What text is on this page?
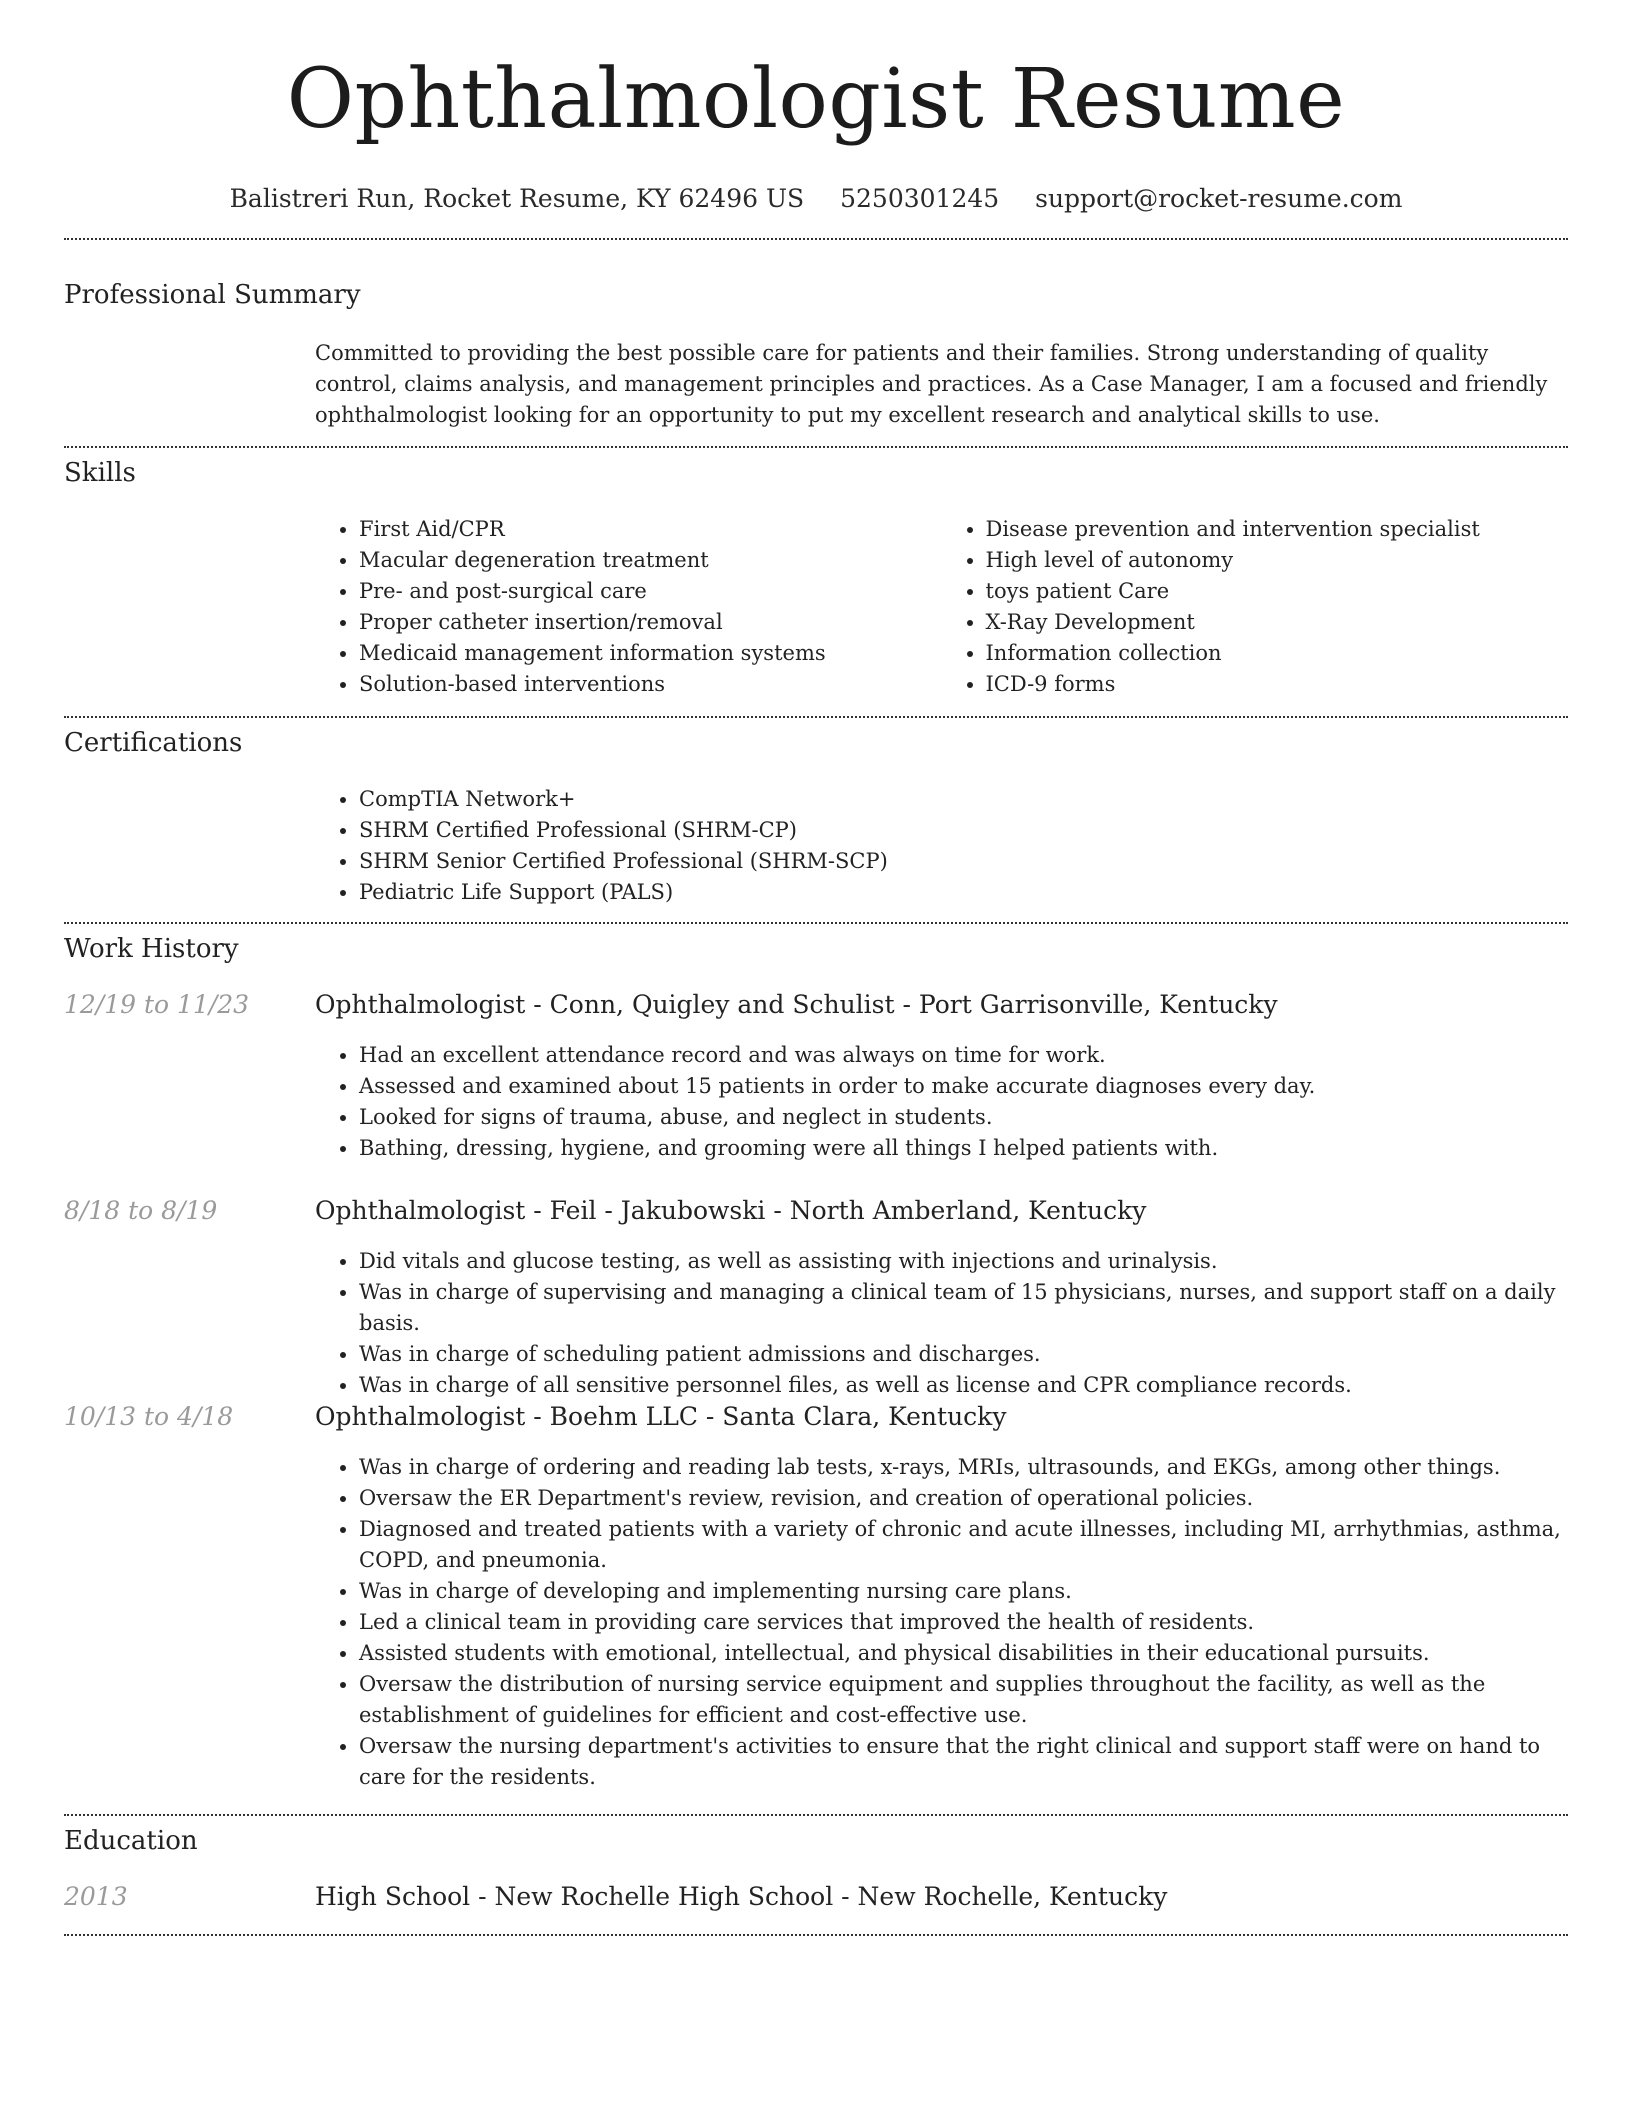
Ophthalmologist Resume
Balistreri Run, Rocket Resume, KY 62496 US 5250301245 support@rocket-resume.com
Professional Summary

Committed to providing the best possible care for patients and their families. Strong understanding of quality control, claims analysis, and management principles and practices. As a Case Manager, I am a focused and friendly ophthalmologist looking for an opportunity to put my excellent research and analytical skills to use.

Skills
• First Aid/CPR
• Macular degeneration treatment
• Pre- and post-surgical care
• Proper catheter insertion/removal
• Medicaid management information systems
• Solution-based interventions
• Disease prevention and intervention specialist
• High level of autonomy
• toys patient Care
• X-Ray Development
• Information collection
• ICD-9 forms
Certifications
• CompTIA Network+
• SHRM Certified Professional (SHRM-CP)
• SHRM Senior Certified Professional (SHRM-SCP)
• Pediatric Life Support (PALS)
Work History
12/19 to 11/23	Ophthalmologist - Conn, Quigley and Schulist - Port Garrisonville, Kentucky
• Had an excellent attendance record and was always on time for work.
• Assessed and examined about 15 patients in order to make accurate diagnoses every day.
• Looked for signs of trauma, abuse, and neglect in students.
• Bathing, dressing, hygiene, and grooming were all things I helped patients with.
8/18 to 8/19	Ophthalmologist - Feil - Jakubowski - North Amberland, Kentucky
• Did vitals and glucose testing, as well as assisting with injections and urinalysis.
• Was in charge of supervising and managing a clinical team of 15 physicians, nurses, and support staff on a daily basis.
• Was in charge of scheduling patient admissions and discharges.
• Was in charge of all sensitive personnel files, as well as license and CPR compliance records.
10/13 to 4/18	Ophthalmologist - Boehm LLC - Santa Clara, Kentucky
• Was in charge of ordering and reading lab tests, x-rays, MRIs, ultrasounds, and EKGs, among other things.
• Oversaw the ER Department's review, revision, and creation of operational policies.
• Diagnosed and treated patients with a variety of chronic and acute illnesses, including MI, arrhythmias, asthma, COPD, and pneumonia.
• Was in charge of developing and implementing nursing care plans.
• Led a clinical team in providing care services that improved the health of residents.
• Assisted students with emotional, intellectual, and physical disabilities in their educational pursuits.
• Oversaw the distribution of nursing service equipment and supplies throughout the facility, as well as the establishment of guidelines for efficient and cost-effective use.
• Oversaw the nursing department's activities to ensure that the right clinical and support staff were on hand to care for the residents.
Education
2013	High School - New Rochelle High School - New Rochelle, Kentucky
